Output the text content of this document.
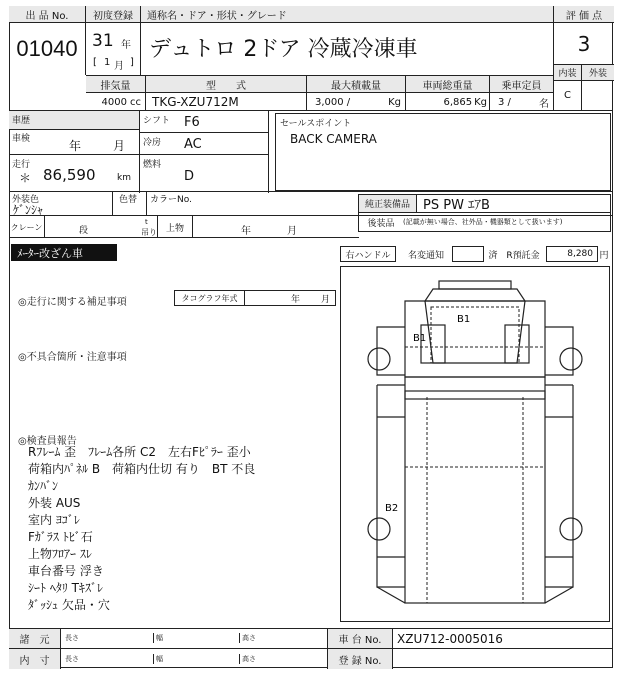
出 品 No.
01040
初度登録	通称名・ドア・形状・グレード
31 年
[ 1 月 ]
デュトロ 2ドア 冷蔵冷凍車
評 価 点
3
内装	外装
C
排気量	型　　式	最大積載量	車両総重量	乗車定員
4000 cc TKG-XZU712M	3,000 /	Kg	6,865 Kg 3 /	名
車歴
車検	年	月
走行
＊ 86,590 km
シフト F6
冷房 AC
燃料
D
セールスポイント
BACK CAMERA
外装色
ｹﾞﾝｼｬ
色替 カラーNo.	純正装備品	PS PW ｴｱB
後装品	(記載が無い場合、社外品・機器類として扱います)
クレーン	段
t
吊り 上物	年	月
ﾒｰﾀｰ改ざん車	右ハンドル	名変通知	済 R預託金	8,280 円
◎走行に関する補足事項	タコグラフ年式	年 月
◎不具合箇所・注意事項
◎検査員報告
Rﾌﾚｰﾑ 歪　ﾌﾚｰﾑ各所 C2　左右Fﾋﾟﾗｰ 歪小
荷箱内ﾊﾟﾈﾙ B　荷箱内仕切 有り　BT 不良
ｶﾝﾊﾞﾝ
外装 AUS
室内 ﾖｺﾞﾚ
Fｶﾞﾗｽ ﾄﾋﾞ石
上物ﾌﾛｱｰ ｽﾚ
車台番号 浮き
ｼｰﾄ ﾍﾀﾘ Tｷｽﾞﾚ
ﾀﾞｯｼｭ 欠品・穴
B1
B1
B2
諸　元	長さ	幅	高さ	車 台 No.	XZU712-0005016
内　寸	長さ	幅	高さ	登 録 No.
